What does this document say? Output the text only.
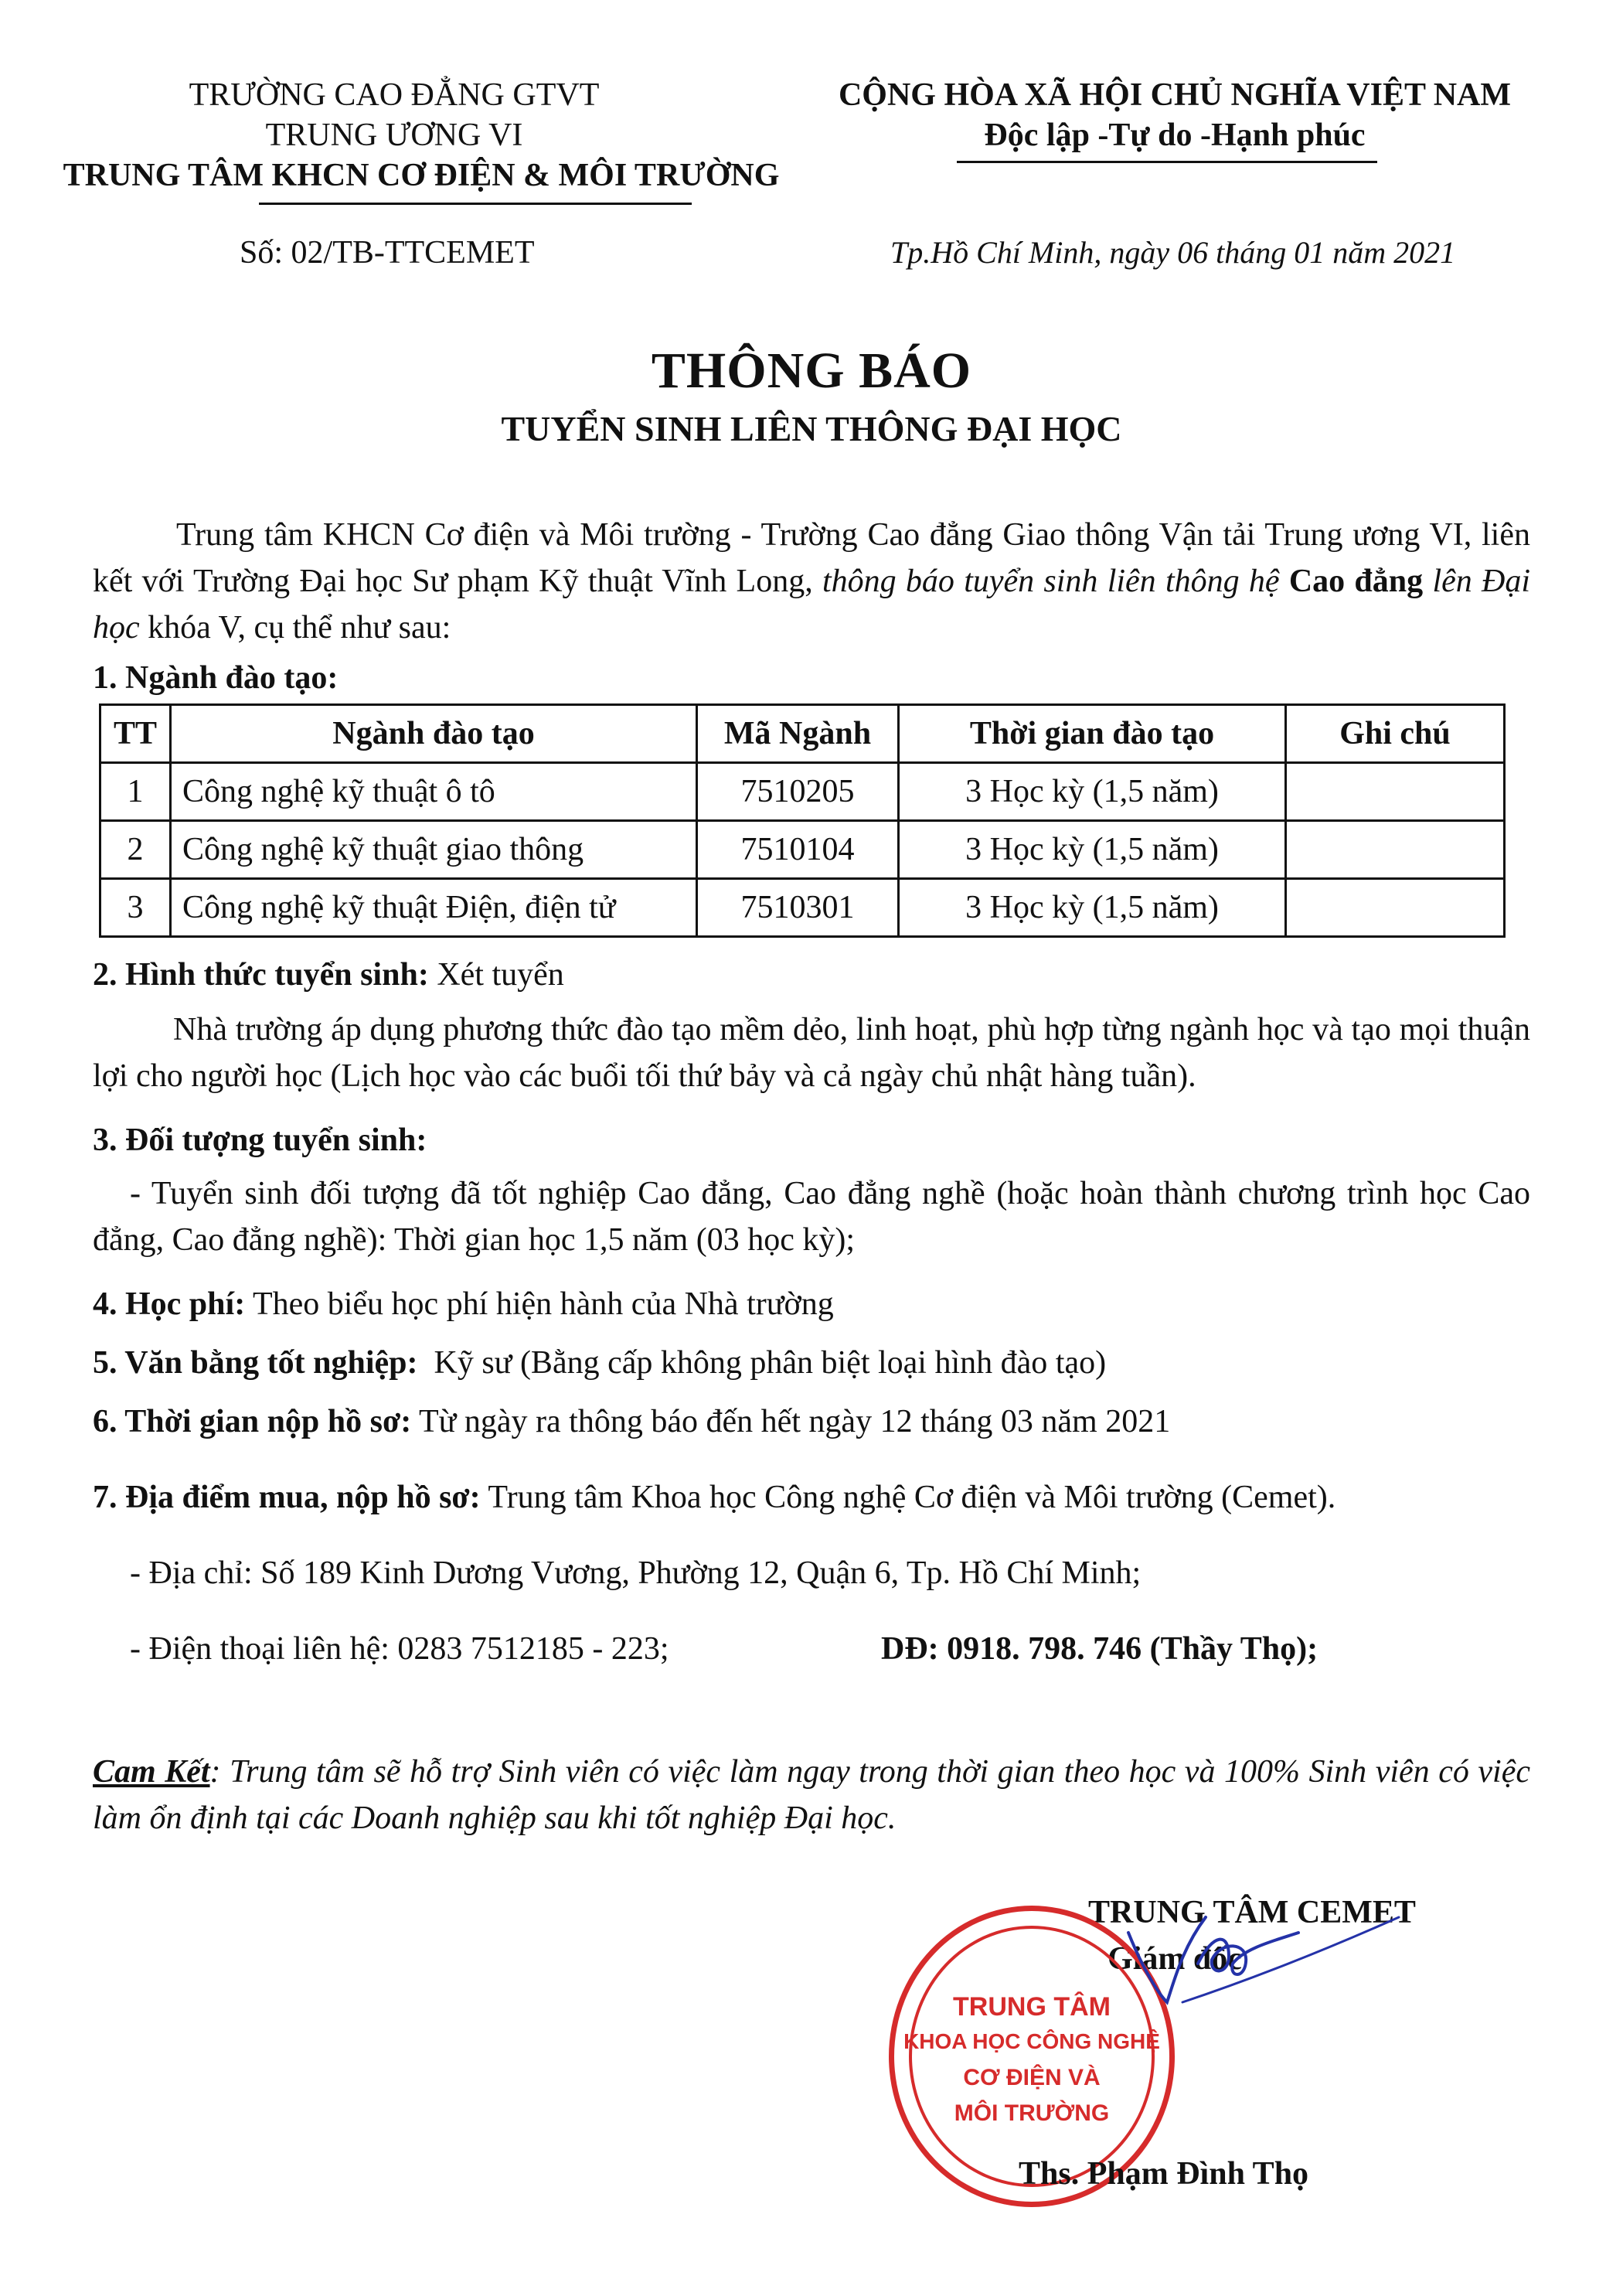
TRƯỜNG CAO ĐẲNG GTVT
TRUNG ƯƠNG VI
TRUNG TÂM KHCN CƠ ĐIỆN & MÔI TRƯỜNG
Số: 02/TB-TTCEMET
CỘNG HÒA XÃ HỘI CHỦ NGHĨA VIỆT NAM
Độc lập -Tự do -Hạnh phúc
Tp.Hồ Chí Minh, ngày 06 tháng 01 năm 2021
THÔNG BÁO
TUYỂN SINH LIÊN THÔNG ĐẠI HỌC
Trung tâm KHCN Cơ điện và Môi trường - Trường Cao đẳng Giao thông Vận tải Trung ương VI, liên kết với Trường Đại học Sư phạm Kỹ thuật Vĩnh Long, thông báo tuyển sinh liên thông hệ Cao đẳng lên Đại học khóa V, cụ thể như sau:
1. Ngành đào tạo:
TT	Ngành đào tạo	Mã Ngành	Thời gian đào tạo	Ghi chú
1	Công nghệ kỹ thuật ô tô	7510205	3 Học kỳ (1,5 năm)	
2	Công nghệ kỹ thuật giao thông	7510104	3 Học kỳ (1,5 năm)	
3	Công nghệ kỹ thuật Điện, điện tử	7510301	3 Học kỳ (1,5 năm)	
2. Hình thức tuyển sinh: Xét tuyển
Nhà trường áp dụng phương thức đào tạo mềm dẻo, linh hoạt, phù hợp từng ngành học và tạo mọi thuận lợi cho người học (Lịch học vào các buổi tối thứ bảy và cả ngày chủ nhật hàng tuần).
3. Đối tượng tuyển sinh:
- Tuyển sinh đối tượng đã tốt nghiệp Cao đẳng, Cao đẳng nghề (hoặc hoàn thành chương trình học Cao đẳng, Cao đẳng nghề): Thời gian học 1,5 năm (03 học kỳ);
4. Học phí: Theo biểu học phí hiện hành của Nhà trường
5. Văn bằng tốt nghiệp: Kỹ sư (Bằng cấp không phân biệt loại hình đào tạo)
6. Thời gian nộp hồ sơ: Từ ngày ra thông báo đến hết ngày 12 tháng 03 năm 2021
7. Địa điểm mua, nộp hồ sơ: Trung tâm Khoa học Công nghệ Cơ điện và Môi trường (Cemet).
- Địa chỉ: Số 189 Kinh Dương Vương, Phường 12, Quận 6, Tp. Hồ Chí Minh;
- Điện thoại liên hệ: 0283 7512185 - 223;	DĐ: 0918. 798. 746 (Thầy Thọ);
Cam Kết: Trung tâm sẽ hỗ trợ Sinh viên có việc làm ngay trong thời gian theo học và 100% Sinh viên có việc làm ổn định tại các Doanh nghiệp sau khi tốt nghiệp Đại học.
TRUNG TÂM CEMET
Giám đốc
TRUNG TÂM
KHOA HỌC CÔNG NGHỆ
CƠ ĐIỆN VÀ
MÔI TRƯỜNG
Ths. Phạm Đình Thọ
